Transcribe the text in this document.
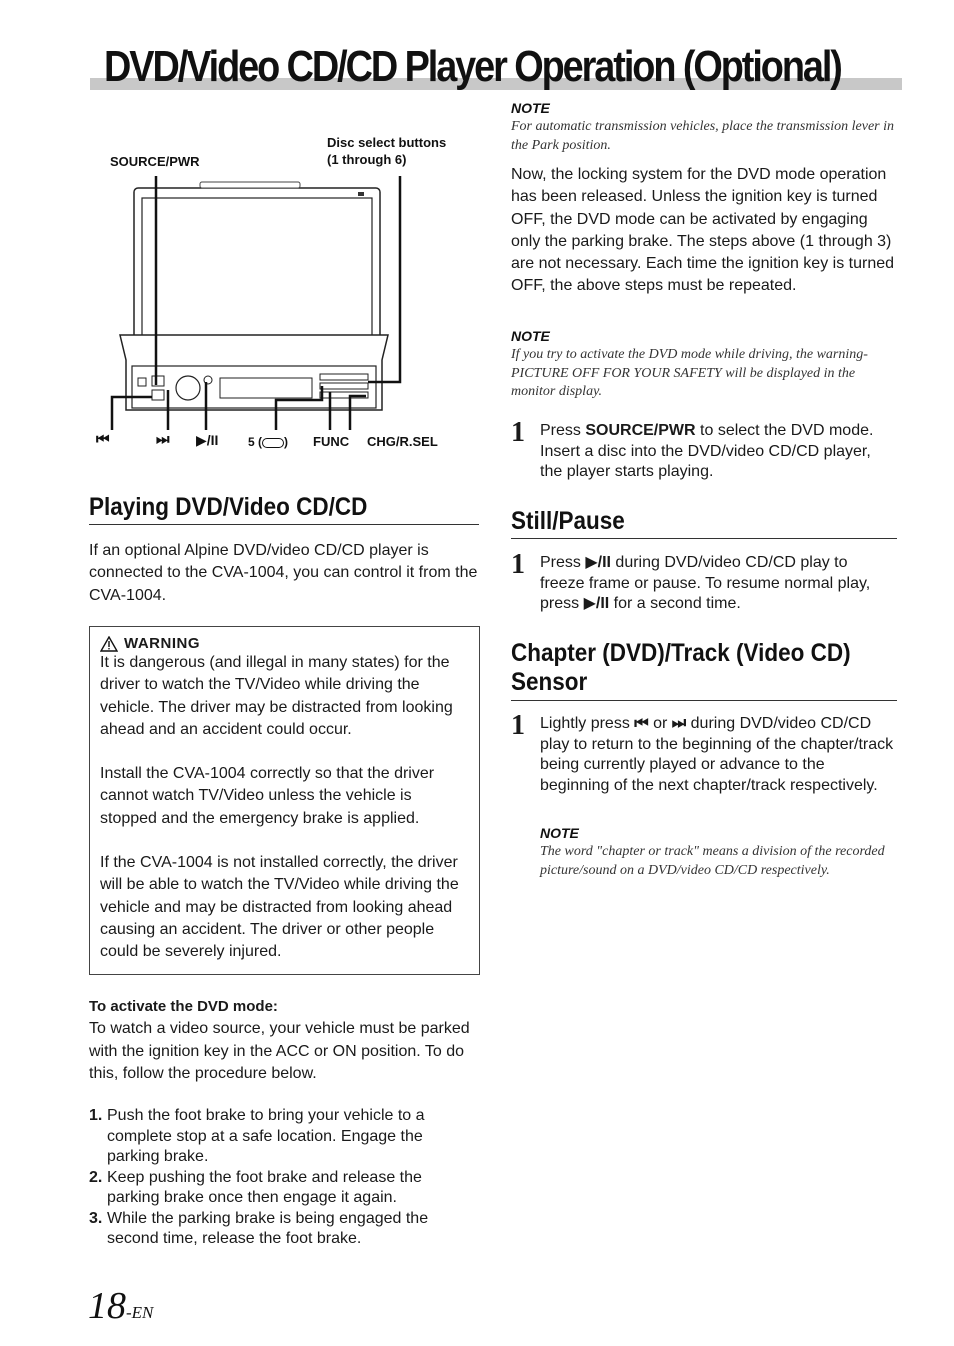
DVD/Video CD/CD Player Operation (Optional)
SOURCE/PWR
Disc select buttons
(1 through 6)
⏮	⏭ ▶/II 5 ( ) FUNC CHG/R.SEL
Playing DVD/Video CD/CD

If an optional Alpine DVD/video CD/CD player is connected to the CVA-1004, you can control it from the CVA-1004.

WARNING

It is dangerous (and illegal in many states) for the driver to watch the TV/Video while driving the vehicle. The driver may be distracted from looking ahead and an accident could occur.

Install the CVA-1004 correctly so that the driver cannot watch TV/Video unless the vehicle is stopped and the emergency brake is applied.

If the CVA-1004 is not installed correctly, the driver will be able to watch the TV/Video while driving the vehicle and may be distracted from looking ahead causing an accident. The driver or other people could be severely injured.

To activate the DVD mode:

To watch a video source, your vehicle must be parked with the ignition key in the ACC or ON position. To do this, follow the procedure below.

1. Push the foot brake to bring your vehicle to a complete stop at a safe location. Engage the parking brake.
2. Keep pushing the foot brake and release the parking brake once then engage it again.
3. While the parking brake is being engaged the second time, release the foot brake.
18-EN
NOTE
For automatic transmission vehicles, place the transmission lever in the Park position.

Now, the locking system for the DVD mode operation has been released. Unless the ignition key is turned OFF, the DVD mode can be activated by engaging only the parking brake. The steps above (1 through 3) are not necessary. Each time the ignition key is turned OFF, the above steps must be repeated.

NOTE
If you try to activate the DVD mode while driving, the warning-PICTURE OFF FOR YOUR SAFETY will be displayed in the monitor display.
1 Press SOURCE/PWR to select the DVD mode. Insert a disc into the DVD/video CD/CD player, the player starts playing.
Still/Pause
1 Press ▶/II during DVD/video CD/CD play to freeze frame or pause. To resume normal play, press ▶/II for a second time.
Chapter (DVD)/Track (Video CD)
Sensor
1 Lightly press ⏮ or ⏭ during DVD/video CD/CD play to return to the beginning of the chapter/track being currently played or advance to the beginning of the next chapter/track respectively.
NOTE
The word "chapter or track" means a division of the recorded picture/sound on a DVD/video CD/CD respectively.
